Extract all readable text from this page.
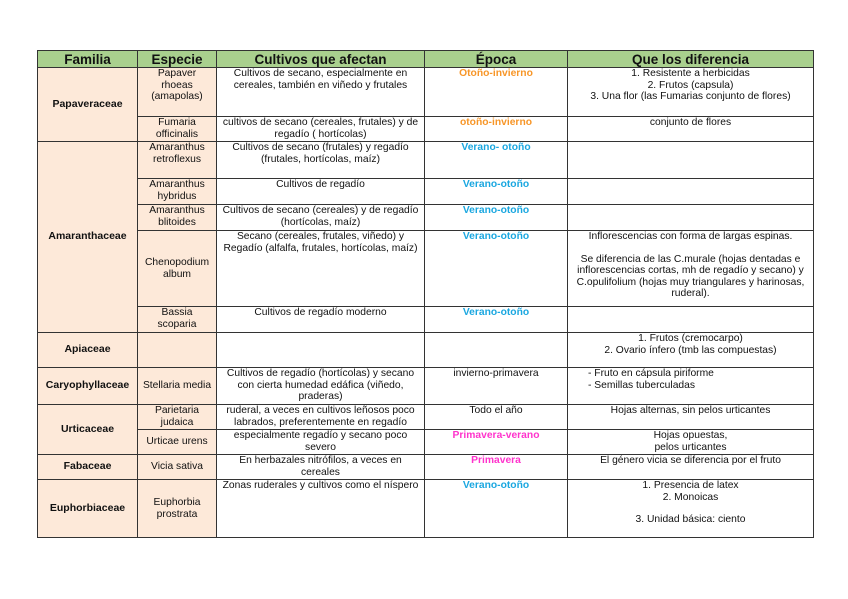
Familia	Especie	Cultivos que afectan	Época	Que los diferencia
Papaveraceae	Papaver rhoeas (amapolas)	Cultivos de secano, especialmente en cereales, también en viñedo y frutales	Otoño-invierno	1. Resistente a herbicidas
2. Frutos (capsula)
3. Una flor (las Fumarias conjunto de flores)

	Fumaria officinalis	cultivos de secano (cereales, frutales) y de regadío ( hortícolas)	otoño-invierno	conjunto de flores
Amaranthaceae	Amaranthus retroflexus	Cultivos de secano (frutales) y regadío (frutales, hortícolas, maíz)	Verano- otoño	
	Amaranthus hybridus	Cultivos de regadío	Verano-otoño	
	Amaranthus blitoides	Cultivos de secano (cereales) y de regadío (hortícolas, maíz)	Verano-otoño	
	Chenopodium album	Secano (cereales, frutales, viñedo) y Regadío (alfalfa, frutales, hortícolas, maíz)	Verano-otoño	Inflorescencias con forma de largas espinas.
Se diferencia de las C.murale (hojas dentadas e inflorescencias cortas, mh de regadío y secano) y C.opulifolium (hojas muy triangulares y harinosas, ruderal).

	Bassia scoparia	Cultivos de regadío moderno	Verano-otoño	
Apiaceae				1. Frutos (cremocarpo)
2. Ovario ínfero (tmb las compuestas)

Caryophyllaceae	Stellaria media	Cultivos de regadío (hortícolas) y secano con cierta humedad edáfica (viñedo, praderas)	invierno-primavera	- Fruto en cápsula piriforme
- Semillas tuberculadas

Urticaceae	Parietaria judaica	ruderal, a veces en cultivos leñosos poco labrados, preferentemente en regadío	Todo el año	Hojas alternas, sin pelos urticantes
	Urticae urens	especialmente regadío y secano poco severo	Primavera-verano	Hojas opuestas,
pelos urticantes

Fabaceae	Vicia sativa	En herbazales nitrófilos, a veces en cereales	Primavera	El género vicia se diferencia por el fruto
Euphorbiaceae	Euphorbia prostrata	Zonas ruderales y cultivos como el níspero	Verano-otoño	1. Presencia de latex
2. Monoicas
3. Unidad básica: ciento
